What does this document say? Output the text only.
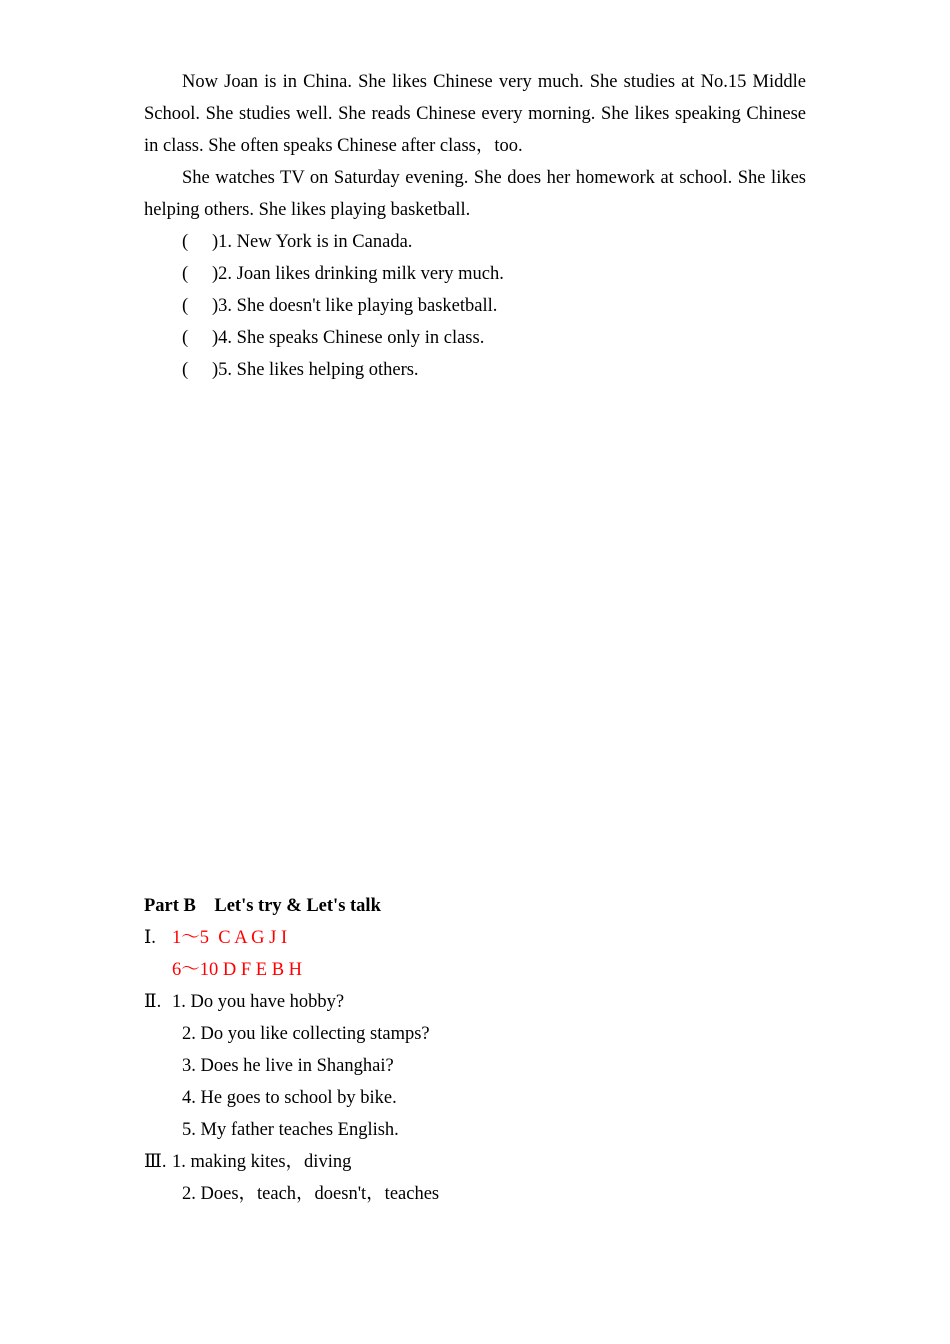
Now Joan is in China. She likes Chinese very much. She studies at No.15 Middle School. She studies well. She reads Chinese every morning. She likes speaking Chinese in class. She often speaks Chinese after class，too.

She watches TV on Saturday evening. She does her homework at school. She likes helping others. She likes playing basketball.

( )1. New York is in Canada.

( )2. Joan likes drinking milk very much.

( )3. She doesn't like playing basketball.

( )4. She speaks Chinese only in class.

( )5. She likes helping others.

Part B　Let's try & Let's talk

Ⅰ. 1～5  C A G J I

6～10 D F E B H

Ⅱ. 1. Do you have hobby?

2. Do you like collecting stamps?

3. Does he live in Shanghai?

4. He goes to school by bike.

5. My father teaches English.

Ⅲ. 1. making kites，diving

2. Does，teach，doesn't，teaches
